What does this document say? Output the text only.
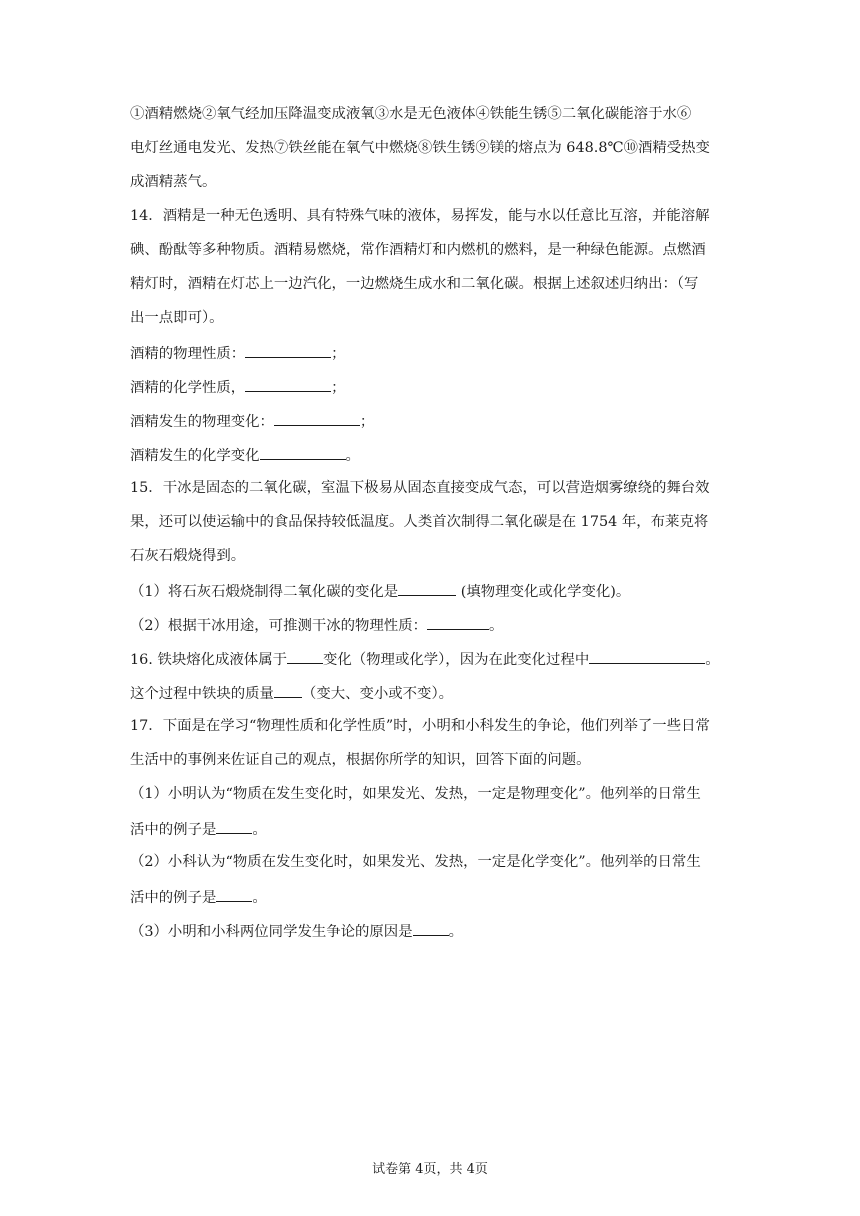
①酒精燃烧②氧气经加压降温变成液氧③水是无色液体④铁能生锈⑤二氧化碳能溶于水⑥
电灯丝通电发光、发热⑦铁丝能在氧气中燃烧⑧铁生锈⑨镁的熔点为 648.8℃⑩酒精受热变
成酒精蒸气。
14．酒精是一种无色透明、具有特殊气味的液体，易挥发，能与水以任意比互溶，并能溶解
碘、酚酞等多种物质。酒精易燃烧，常作酒精灯和内燃机的燃料，是一种绿色能源。点燃酒
精灯时，酒精在灯芯上一边汽化，一边燃烧生成水和二氧化碳。根据上述叙述归纳出：（写
出一点即可）。
酒精的物理性质：	；
酒精的化学性质，	；
酒精发生的物理变化：	；
酒精发生的化学变化	。
15．干冰是固态的二氧化碳，室温下极易从固态直接变成气态，可以营造烟雾缭绕的舞台效
果，还可以使运输中的食品保持较低温度。人类首次制得二氧化碳是在 1754 年，布莱克将
石灰石煅烧得到。
（1）将石灰石煅烧制得二氧化碳的变化是	(填物理变化或化学变化)。
（2）根据干冰用途，可推测干冰的物理性质：	。
16. 铁块熔化成液体属于	变化（物理或化学），因为在此变化过程中	。
这个过程中铁块的质量 （变大、变小或不变）。
17．下面是在学习“物理性质和化学性质”时，小明和小科发生的争论，他们列举了一些日常
生活中的事例来佐证自己的观点，根据你所学的知识，回答下面的问题。
（1）小明认为“物质在发生变化时，如果发光、发热，一定是物理变化”。他列举的日常生
活中的例子是	。
（2）小科认为“物质在发生变化时，如果发光、发热，一定是化学变化”。他列举的日常生
活中的例子是	。
（3）小明和小科两位同学发生争论的原因是	。
试卷第 4页，共 4页
